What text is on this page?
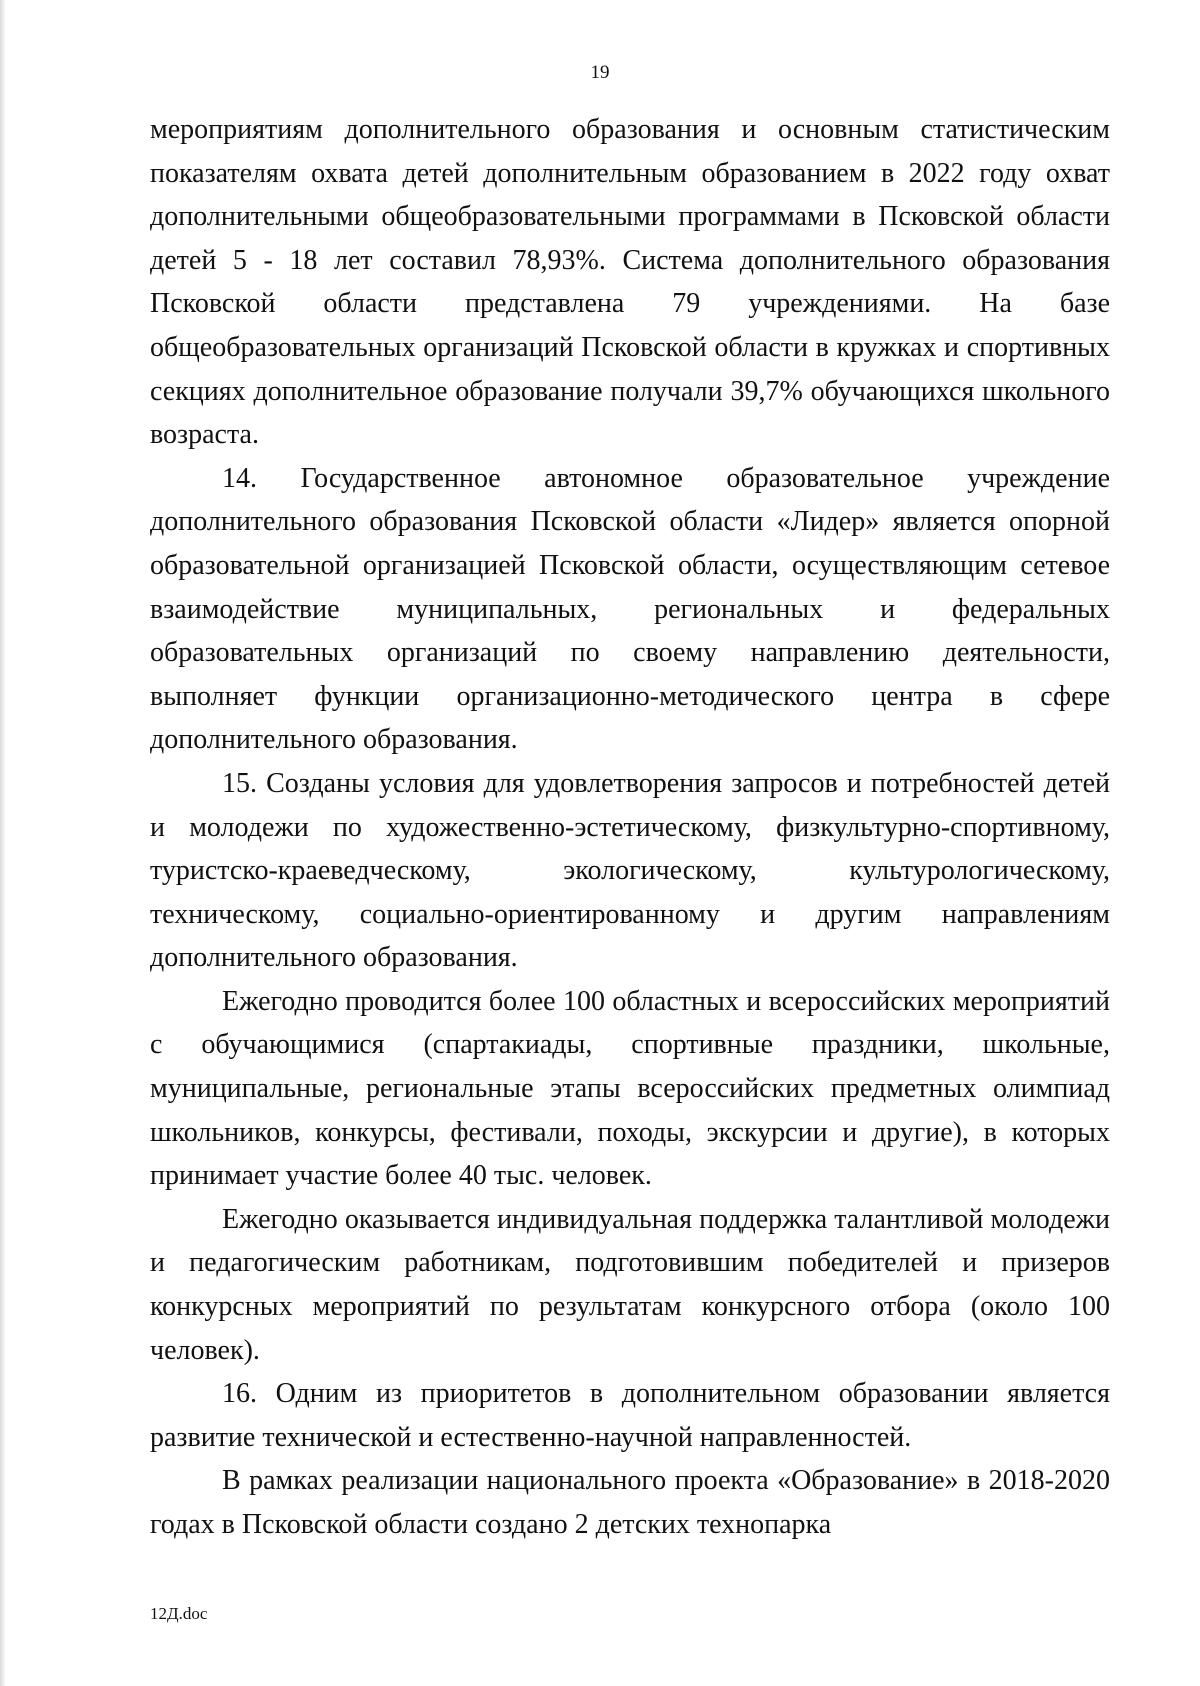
19

мероприятиям дополнительного образования и основным статистическим показателям охвата детей дополнительным образованием в 2022 году охват дополнительными общеобразовательными программами в Псковской области детей 5 - 18 лет составил 78,93%. Система дополнительного образования Псковской области представлена 79 учреждениями. На базе общеобразовательных организаций Псковской области в кружках и спортивных секциях дополнительное образование получали 39,7% обучающихся школьного возраста.

14. Государственное автономное образовательное учреждение дополнительного образования Псковской области «Лидер» является опорной образовательной организацией Псковской области, осуществляющим сетевое взаимодействие муниципальных, региональных и федеральных образовательных организаций по своему направлению деятельности, выполняет функции организационно-методического центра в сфере дополнительного образования.

15. Созданы условия для удовлетворения запросов и потребностей детей и молодежи по художественно-эстетическому, физкультурно-спортивному, туристско-краеведческому, экологическому, культурологическому, техническому, социально-ориентированному и другим направлениям дополнительного образования.

Ежегодно проводится более 100 областных и всероссийских мероприятий с обучающимися (спартакиады, спортивные праздники, школьные, муниципальные, региональные этапы всероссийских предметных олимпиад школьников, конкурсы, фестивали, походы, экскурсии и другие), в которых принимает участие более 40 тыс. человек.

Ежегодно оказывается индивидуальная поддержка талантливой молодежи и педагогическим работникам, подготовившим победителей и призеров конкурсных мероприятий по результатам конкурсного отбора (около 100 человек).

16. Одним из приоритетов в дополнительном образовании является развитие технической и естественно-научной направленностей.

В рамках реализации национального проекта «Образование» в 2018-2020 годах в Псковской области создано 2 детских технопарка

12Д.doc
